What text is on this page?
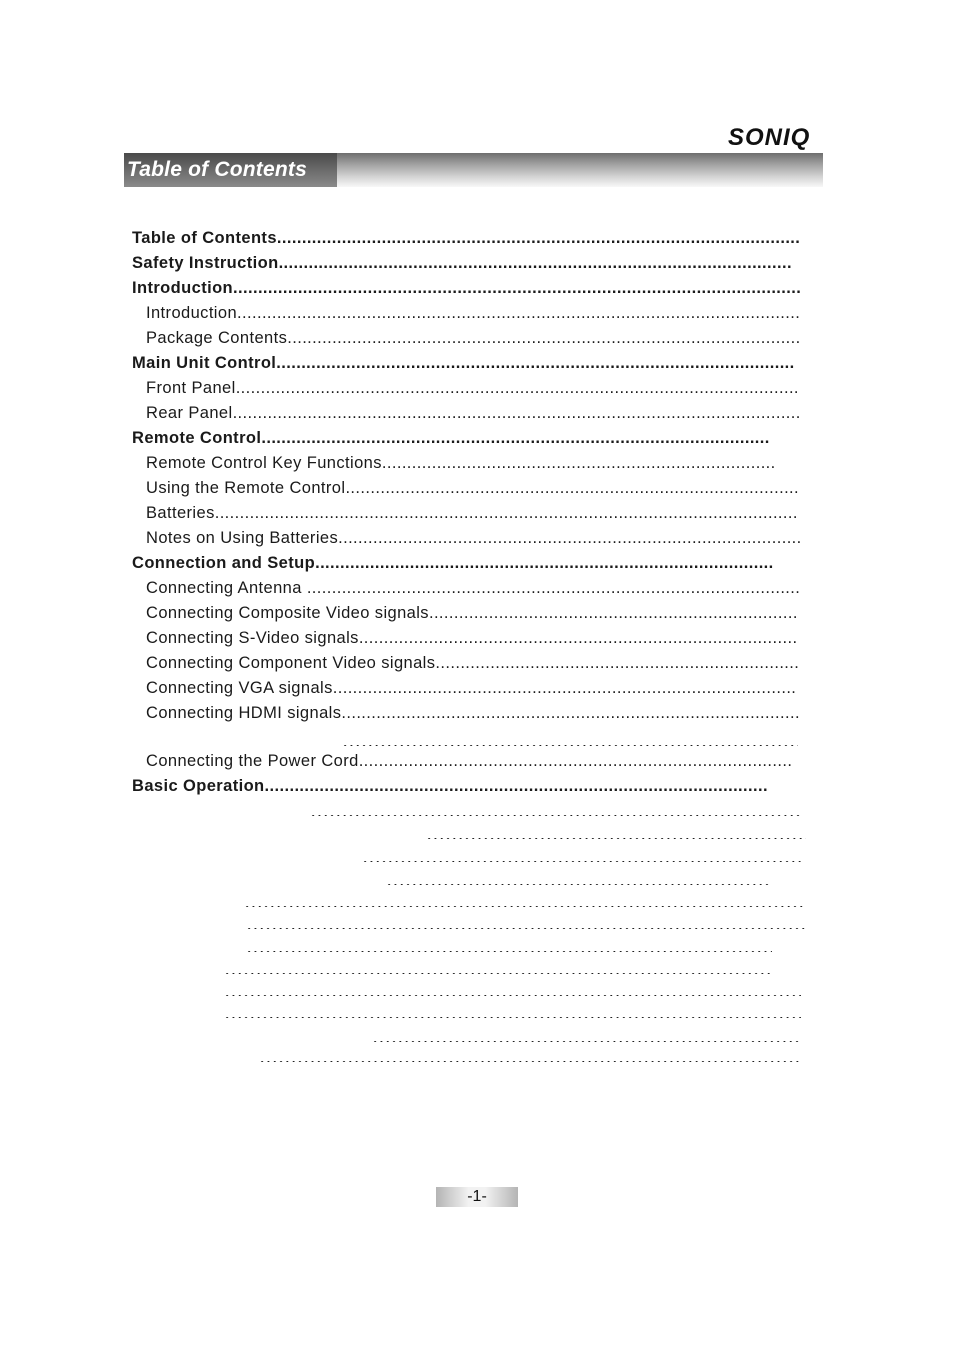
SONIQ
Table of Contents
Table of Contents.........................................................................................................
Safety Instruction.......................................................................................................
Introduction..................................................................................................................
Introduction.................................................................................................................
Package Contents.......................................................................................................
Main Unit Control........................................................................................................
Front Panel.................................................................................................................
Rear Panel..................................................................................................................
Remote Control......................................................................................................
Remote Control Key Functions...............................................................................
Using the Remote Control...........................................................................................
Batteries.....................................................................................................................
Notes on Using Batteries.............................................................................................
Connection and Setup............................................................................................
Connecting Antenna ...................................................................................................
Connecting Composite Video signals..........................................................................
Connecting S-Video signals........................................................................................
Connecting Component Video signals.........................................................................
Connecting VGA signals.............................................................................................
Connecting HDMI signals............................................................................................
Connecting the Power Cord.......................................................................................
Basic Operation.....................................................................................................
-1-
